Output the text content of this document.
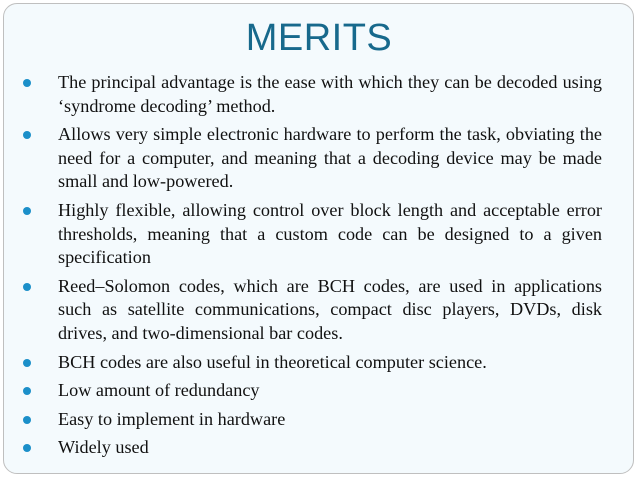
MERITS
The principal advantage is the ease with which they can be decoded using ‘syndrome decoding’ method.
Allows very simple electronic hardware to perform the task, obviating the need for a computer, and meaning that a decoding device may be made small and low-powered.
Highly flexible, allowing control over block length and acceptable error thresholds, meaning that a custom code can be designed to a given specification
Reed–Solomon codes, which are BCH codes, are used in applications such as satellite communications, compact disc players, DVDs, disk drives, and two-dimensional bar codes.
BCH codes are also useful in theoretical computer science.
Low amount of redundancy
Easy to implement in hardware
Widely used
